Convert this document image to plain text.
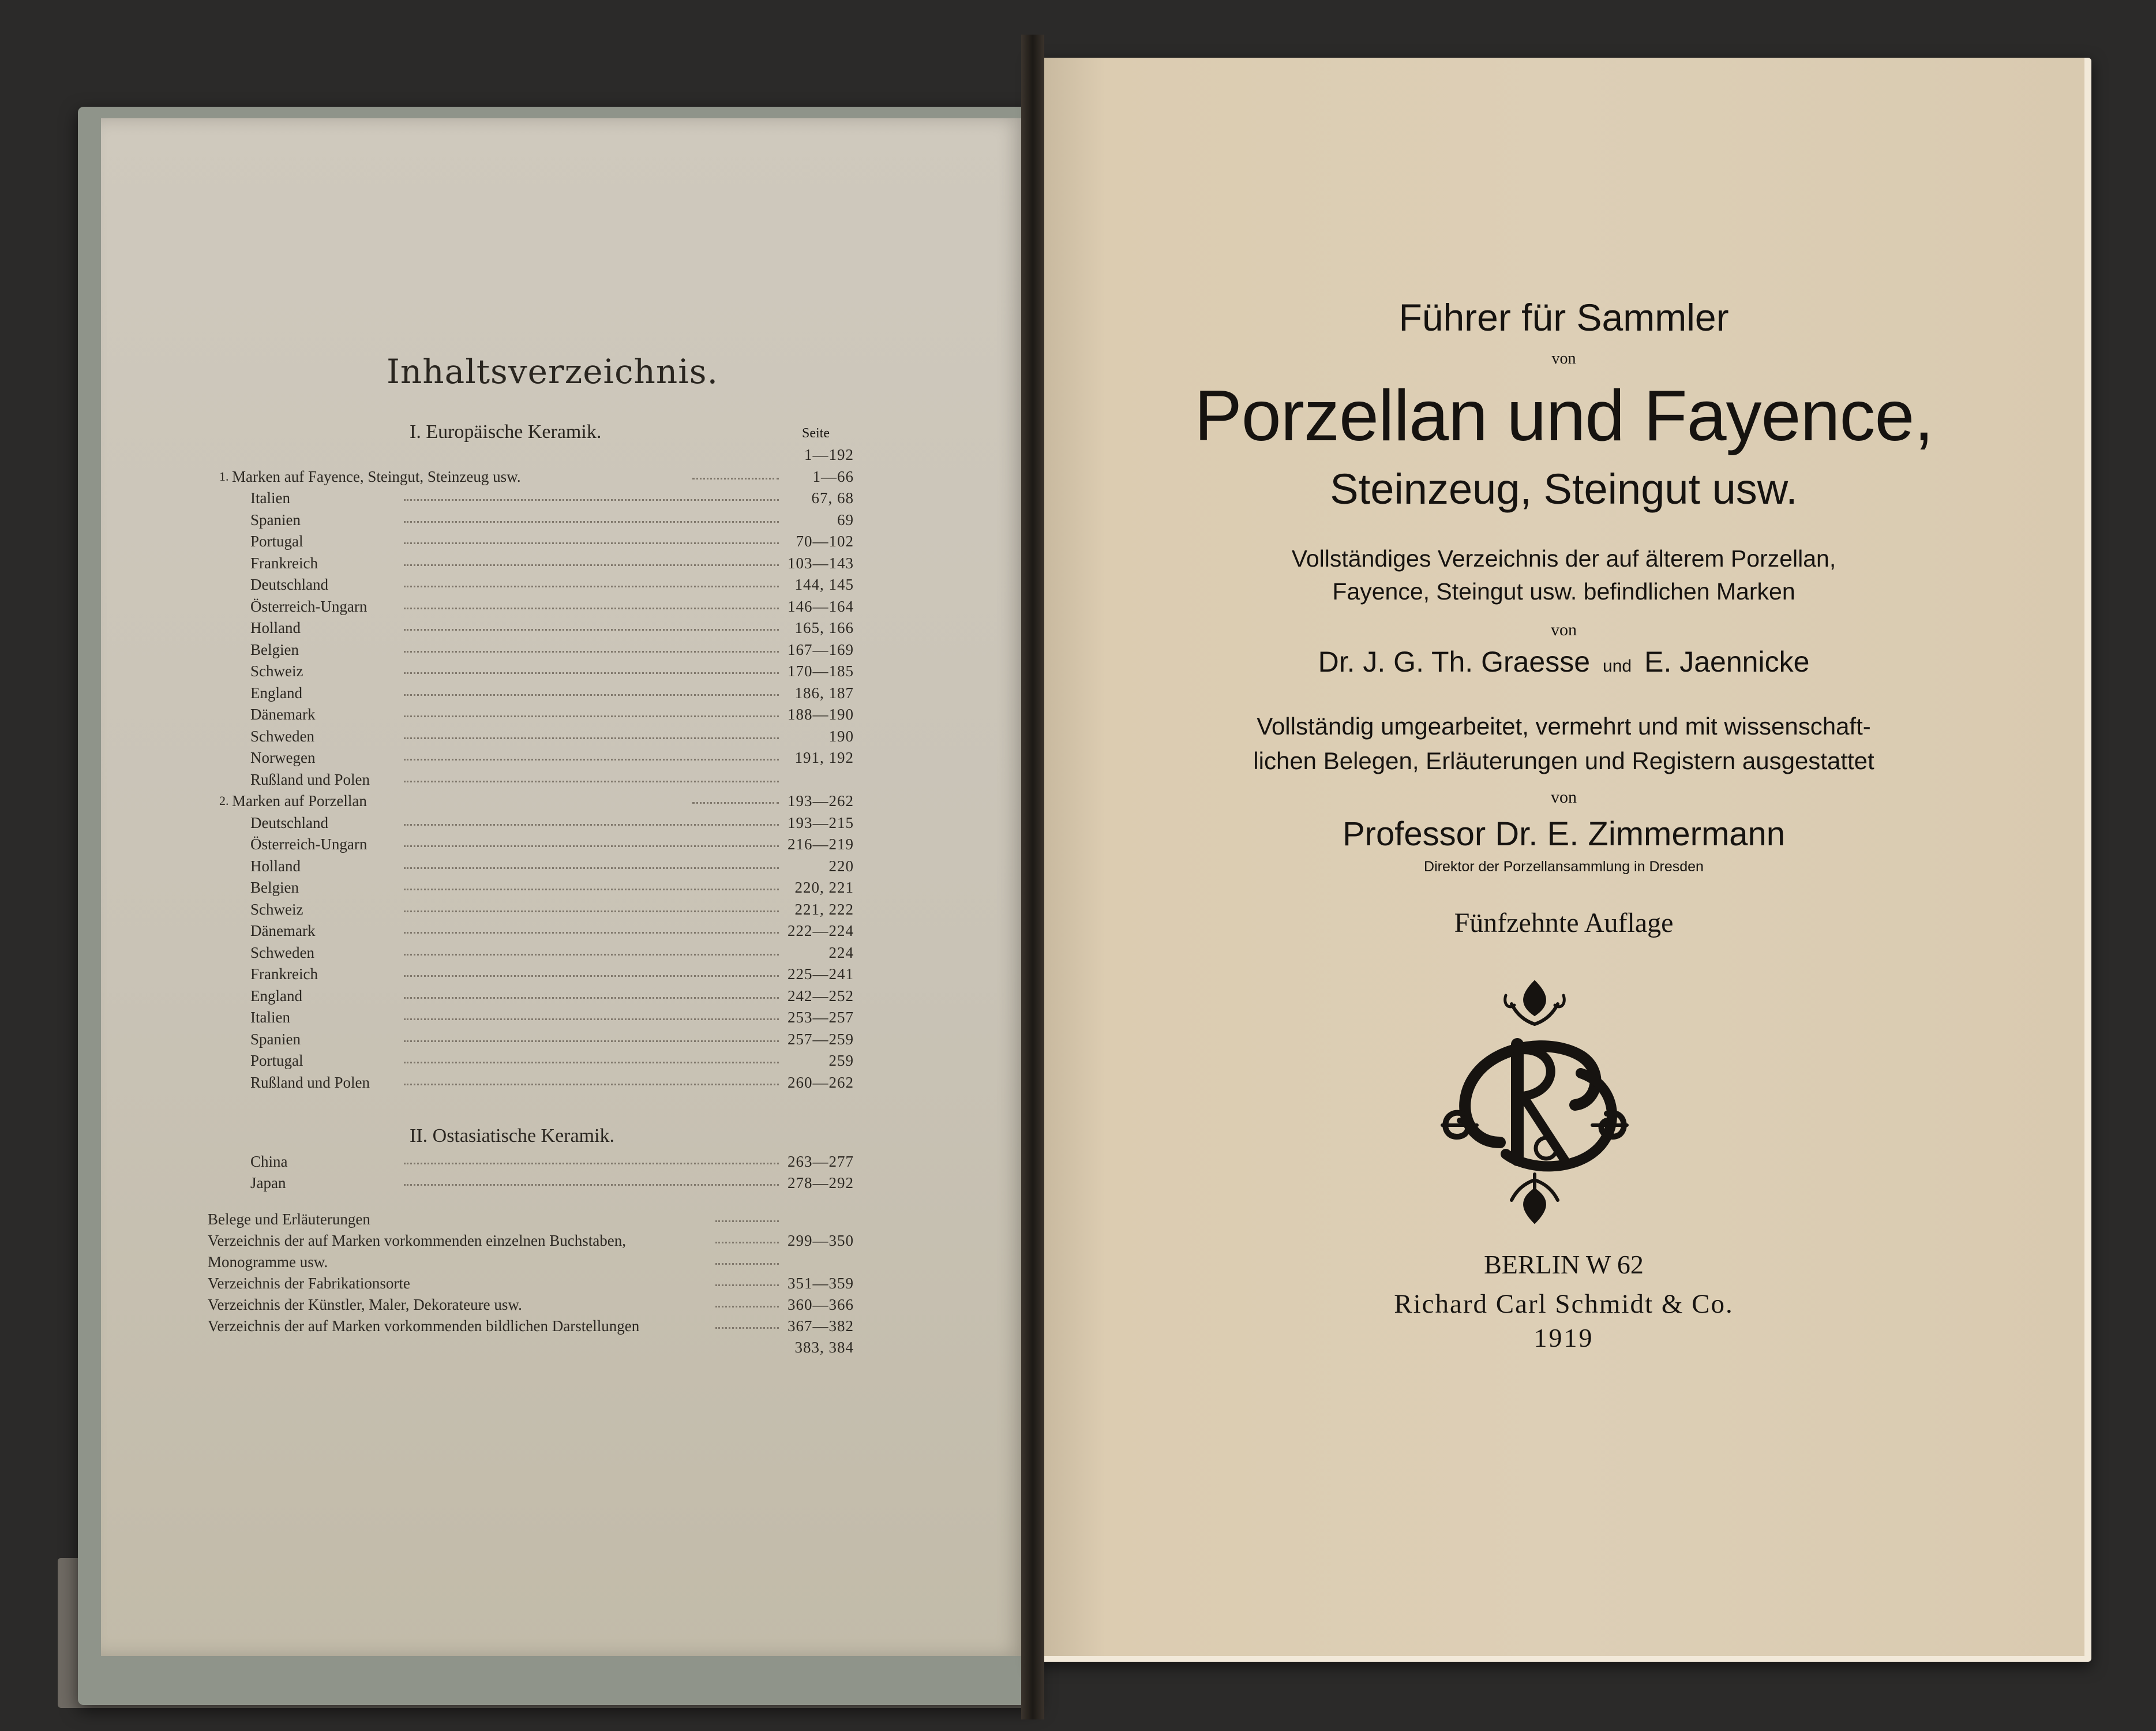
Inhaltsverzeichnis.
I. Europäische Keramik.	Seite
1—192
1. Marken auf Fayence, Steingut, Steinzeug usw.	1—66
Italien	67, 68
Spanien	69
Portugal	70—102
Frankreich	103—143
Deutschland	144, 145
Österreich-Ungarn	146—164
Holland	165, 166
Belgien	167—169
Schweiz	170—185
England	186, 187
Dänemark	188—190
Schweden	190
Norwegen	191, 192
Rußland und Polen
2. Marken auf Porzellan	193—262
Deutschland	193—215
Österreich-Ungarn	216—219
Holland	220
Belgien	220, 221
Schweiz	221, 222
Dänemark	222—224
Schweden	224
Frankreich	225—241
England	242—252
Italien	253—257
Spanien	257—259
Portugal	259
Rußland und Polen	260—262
II. Ostasiatische Keramik.
China	263—277
Japan	278—292
Belege und Erläuterungen
Verzeichnis der auf Marken vorkommenden einzelnen Buchstaben,	299—350
Monogramme usw.
Verzeichnis der Fabrikationsorte	351—359
Verzeichnis der Künstler, Maler, Dekorateure usw.	360—366
Verzeichnis der auf Marken vorkommenden bildlichen Darstellungen	367—382
383, 384
Führer für Sammler
von
Porzellan und Fayence,
Steinzeug, Steingut usw.
Vollständiges Verzeichnis der auf älterem Porzellan,
Fayence, Steingut usw. befindlichen Marken
von
Dr. J. G. Th. Graesse und E. Jaennicke
Vollständig umgearbeitet, vermehrt und mit wissenschaft-
lichen Belegen, Erläuterungen und Registern ausgestattet
von
Professor Dr. E. Zimmermann
Direktor der Porzellansammlung in Dresden
Fünfzehnte Auflage
BERLIN W 62
Richard Carl Schmidt & Co.
1919
